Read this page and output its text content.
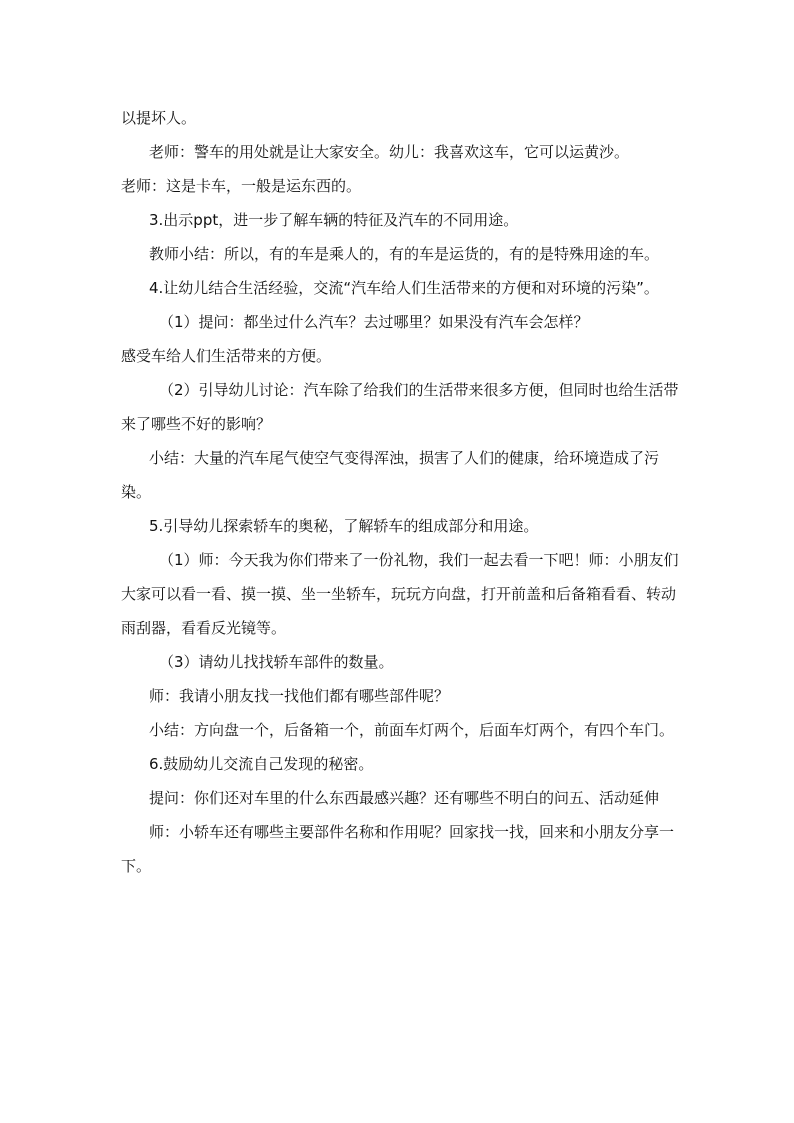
以提坏人。

老师：警车的用处就是让大家安全。幼儿：我喜欢这车，它可以运黄沙。

老师：这是卡车，一般是运东西的。

3.出示ppt，进一步了解车辆的特征及汽车的不同用途。

教师小结：所以，有的车是乘人的，有的车是运货的，有的是特殊用途的车。

4.让幼儿结合生活经验，交流“汽车给人们生活带来的方便和对环境的污染”。

（1）提问：都坐过什么汽车？去过哪里？如果没有汽车会怎样？

感受车给人们生活带来的方便。

（2）引导幼儿讨论：汽车除了给我们的生活带来很多方便，但同时也给生活带来了哪些不好的影响？

小结：大量的汽车尾气使空气变得浑浊，损害了人们的健康，给环境造成了污染。

5.引导幼儿探索轿车的奥秘，了解轿车的组成部分和用途。

（1）师：今天我为你们带来了一份礼物，我们一起去看一下吧！师：小朋友们大家可以看一看、摸一摸、坐一坐轿车，玩玩方向盘，打开前盖和后备箱看看、转动雨刮器，看看反光镜等。

（3）请幼儿找找轿车部件的数量。

师：我请小朋友找一找他们都有哪些部件呢？

小结：方向盘一个，后备箱一个，前面车灯两个，后面车灯两个，有四个车门。

6.鼓励幼儿交流自己发现的秘密。

提问：你们还对车里的什么东西最感兴趣？还有哪些不明白的问五、活动延伸

师：小轿车还有哪些主要部件名称和作用呢？回家找一找，回来和小朋友分享一下。
